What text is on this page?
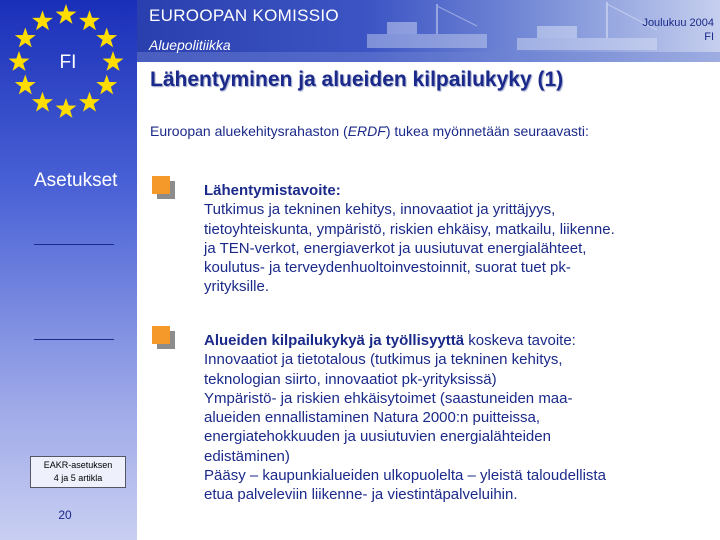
FI
Asetukset
EAKR-asetuksen
4 ja 5 artikla
20
EUROOPAN KOMISSIO
Aluepolitiikka
Joulukuu 2004
FI
Lähentyminen ja alueiden kilpailukyky (1)
Euroopan aluekehitysrahaston (ERDF) tukea myönnetään seuraavasti:
Lähentymistavoite:
Tutkimus ja tekninen kehitys, innovaatiot ja yrittäjyys,
tietoyhteiskunta, ympäristö, riskien ehkäisy, matkailu, liikenne.
ja TEN-verkot, energiaverkot ja uusiutuvat energialähteet,
koulutus- ja terveydenhuoltoinvestoinnit, suorat tuet pk-
yrityksille.
Alueiden kilpailukykyä ja työllisyyttä koskeva tavoite:
Innovaatiot ja tietotalous (tutkimus ja tekninen kehitys,
teknologian siirto, innovaatiot pk-yrityksissä)
Ympäristö- ja riskien ehkäisytoimet (saastuneiden maa-
alueiden ennallistaminen Natura 2000:n puitteissa,
energiatehokkuuden ja uusiutuvien energialähteiden
edistäminen)
Pääsy – kaupunkialueiden ulkopuolelta – yleistä taloudellista
etua palveleviin liikenne- ja viestintäpalveluihin.
